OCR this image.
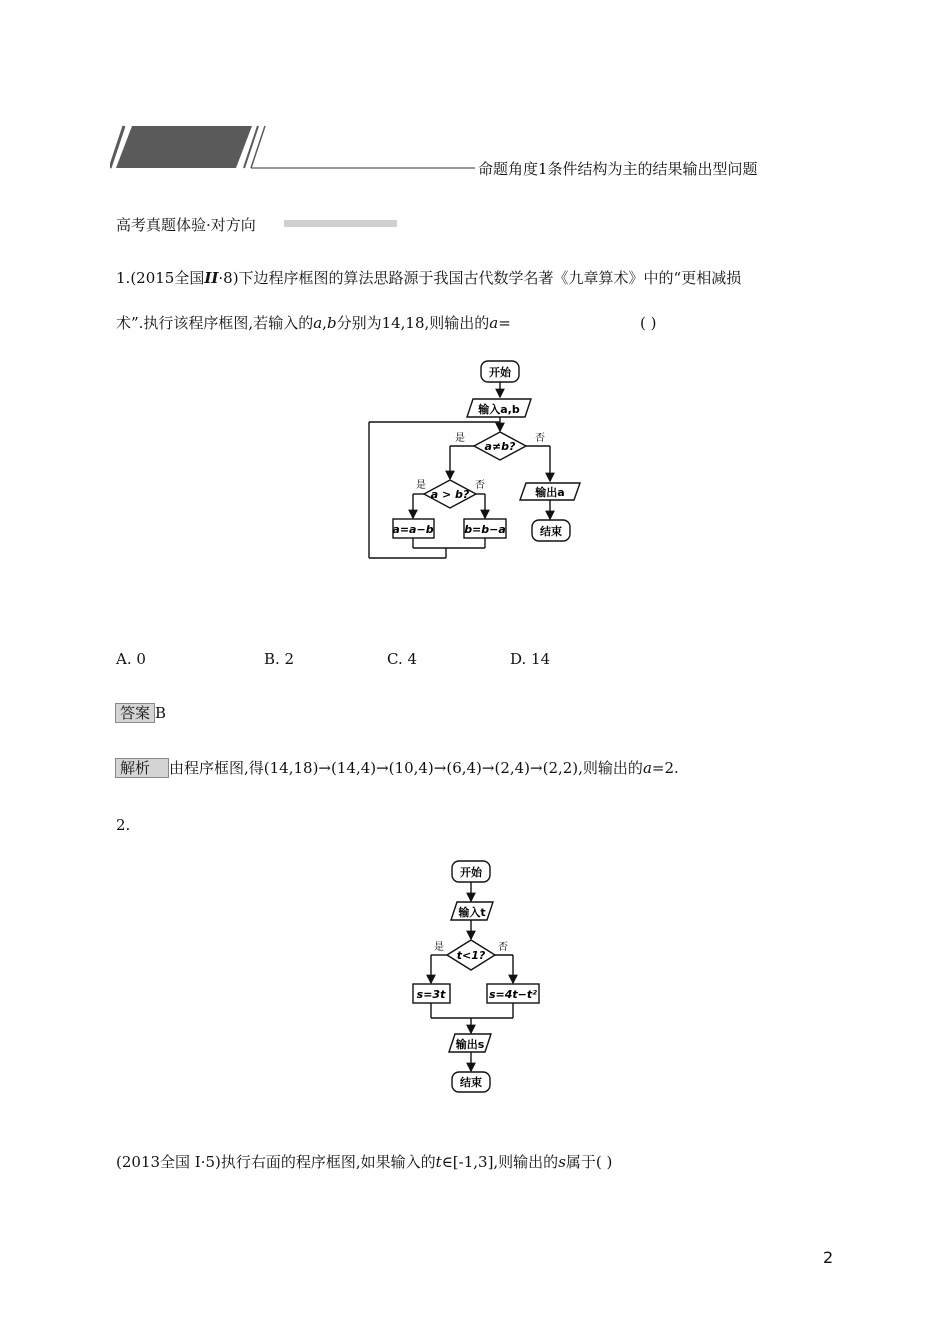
命题角度1条件结构为主的结果输出型问题
高考真题体验·对方向
1.(2015全国II·8)下边程序框图的算法思路源于我国古代数学名著《九章算术》中的“更相减损
术”.执行该程序框图,若输入的a,b分别为14,18,则输出的a=	( )
开始
输入a,b
a≠b?
是	否
a > b?
是	否
a=a−b	b=b−a
输出a
结束
A. 0	B. 2	C. 4	D. 14
答案 B
解析 由程序框图,得(14,18)→(14,4)→(10,4)→(6,4)→(2,4)→(2,2),则输出的a=2.
2.
开始
输入t
t<1?
是	否
s=3t	s=4t−t²
输出s
结束
(2013全国 Ⅰ·5)执行右面的程序框图,如果输入的t∈[-1,3],则输出的s属于( )
2
